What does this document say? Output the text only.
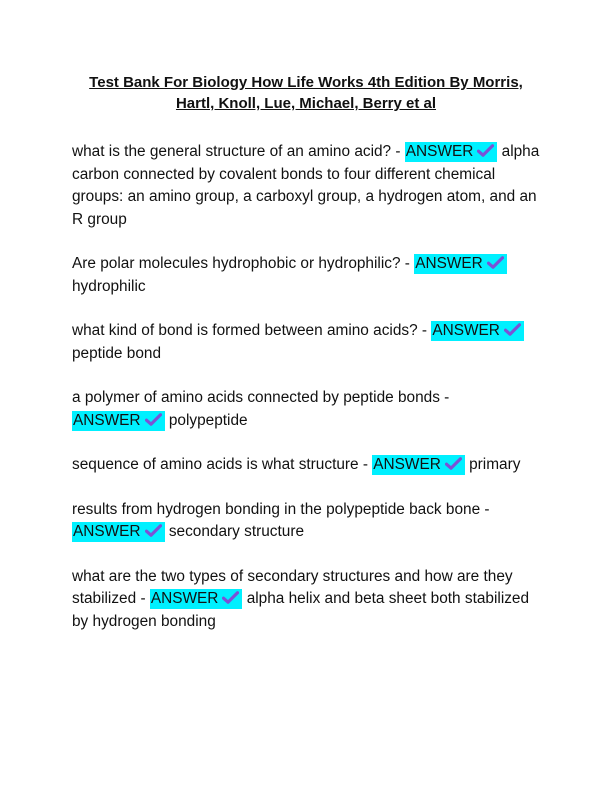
Test Bank For Biology How Life Works 4th Edition By Morris, Hartl, Knoll, Lue, Michael, Berry et al
what is the general structure of an amino acid? - ANSWER alpha carbon connected by covalent bonds to four different chemical groups: an amino group, a carboxyl group, a hydrogen atom, and an R group
Are polar molecules hydrophobic or hydrophilic? - ANSWER hydrophilic
what kind of bond is formed between amino acids? - ANSWER peptide bond
a polymer of amino acids connected by peptide bonds - ANSWER polypeptide
sequence of amino acids is what structure - ANSWER primary
results from hydrogen bonding in the polypeptide back bone - ANSWER secondary structure
what are the two types of secondary structures and how are they stabilized - ANSWER alpha helix and beta sheet both stabilized by hydrogen bonding
